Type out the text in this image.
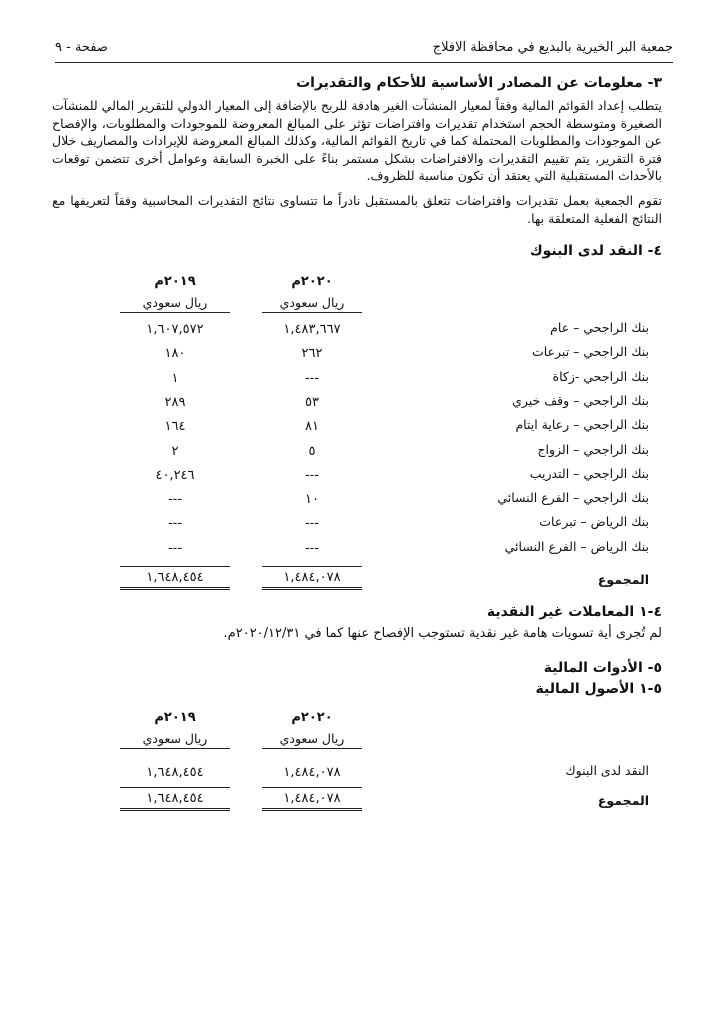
جمعية البر الخيرية بالبديع في محافظة الافلاج
صفحة - ٩
٣- معلومات عن المصادر الأساسية للأحكام والتقديرات
يتطلب إعداد القوائم المالية وفقاً لمعيار المنشآت الغير هادفة للربح بالإضافة إلى المعيار الدولي للتقرير المالي للمنشآت الصغيرة ومتوسطة الحجم استخدام تقديرات وافتراضات تؤثر على المبالغ المعروضة للموجودات والمطلوبات، والإفصاح عن الموجودات والمطلوبات المحتملة كما في تاريخ القوائم المالية، وكذلك المبالغ المعروضة للإيرادات والمصاريف خلال فترة التقرير، يتم تقييم التقديرات والافتراضات بشكل مستمر بناءً على الخبرة السابقة وعوامل أخرى تتضمن توقعات بالأحداث المستقبلية التي يعتقد أن تكون مناسبة للظروف.
تقوم الجمعية بعمل تقديرات وافتراضات تتعلق بالمستقبل نادراً ما تتساوى نتائج التقديرات المحاسبية وفقاً لتعريفها مع النتائج الفعلية المتعلقة بها.
٤- النقد لدى البنوك
٢٠٢٠م
ريال سعودي
٢٠١٩م
ريال سعودي
بنك الراجحي – عام
١,٤٨٣,٦٦٧
١,٦٠٧,٥٧٢
بنك الراجحي – تبرعات
٢٦٢
١٨٠
بنك الراجحي -زكاة
---
١
بنك الراجحي – وقف خيري
٥٣
٢٨٩
بنك الراجحي – رعاية ايتام
٨١
١٦٤
بنك الراجحي – الزواج
٥
٢
بنك الراجحي – التدريب
---
٤٠,٢٤٦
بنك الراجحي – الفرع النسائي
١٠
---
بنك الرياض – تبرعات
---
---
بنك الرياض – الفرع النسائي
---
---
المجموع
١,٤٨٤,٠٧٨
١,٦٤٨,٤٥٤
٤-١ المعاملات غير النقدية
لم تُجرى أية تسويات هامة غير نقدية تستوجب الإفصاح عنها كما في ٢٠٢٠/١٢/٣١م.
٥- الأدوات المالية
٥-١ الأصول المالية
٢٠٢٠م
ريال سعودي
٢٠١٩م
ريال سعودي
النقد لدى البنوك
١,٤٨٤,٠٧٨
١,٦٤٨,٤٥٤
المجموع
١,٤٨٤,٠٧٨
١,٦٤٨,٤٥٤
